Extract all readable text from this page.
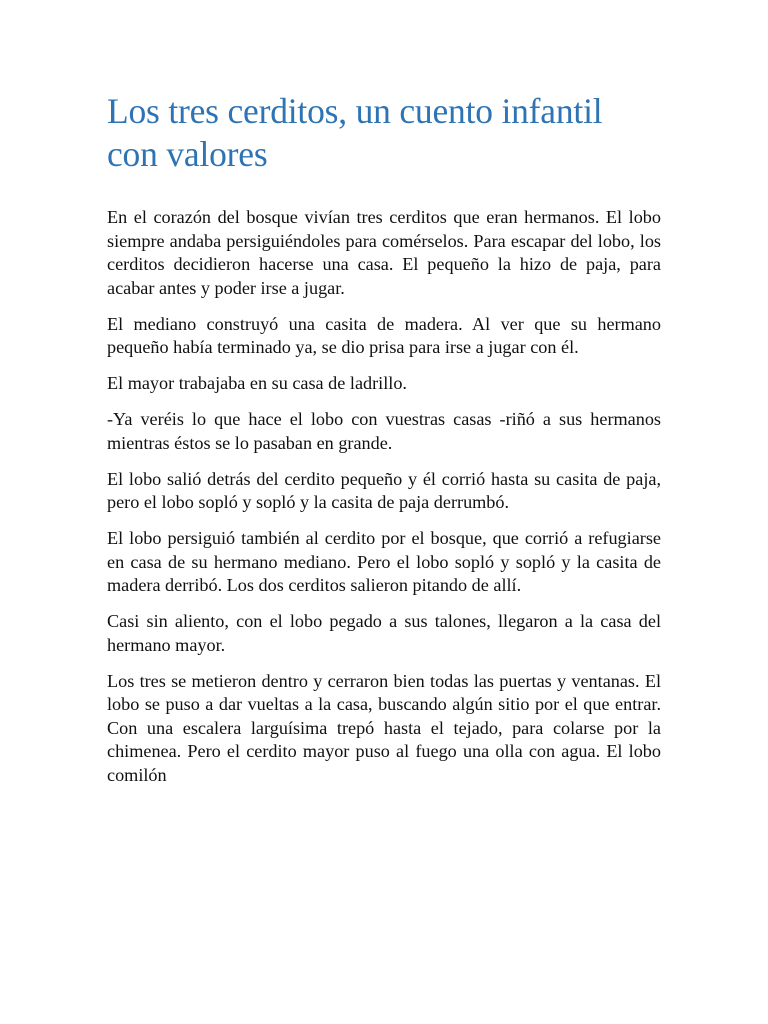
Los tres cerditos, un cuento infantil con valores

En el corazón del bosque vivían tres cerditos que eran hermanos. El lobo siempre andaba persiguiéndoles para comérselos. Para escapar del lobo, los cerditos decidieron hacerse una casa. El pequeño la hizo de paja, para acabar antes y poder irse a jugar.

El mediano construyó una casita de madera. Al ver que su hermano pequeño había terminado ya, se dio prisa para irse a jugar con él.

El mayor trabajaba en su casa de ladrillo.

-Ya veréis lo que hace el lobo con vuestras casas -riñó a sus hermanos mientras éstos se lo pasaban en grande.

El lobo salió detrás del cerdito pequeño y él corrió hasta su casita de paja, pero el lobo sopló y sopló y la casita de paja derrumbó.

El lobo persiguió también al cerdito por el bosque, que corrió a refugiarse en casa de su hermano mediano. Pero el lobo sopló y sopló y la casita de madera derribó. Los dos cerditos salieron pitando de allí.

Casi sin aliento, con el lobo pegado a sus talones, llegaron a la casa del hermano mayor.

Los tres se metieron dentro y cerraron bien todas las puertas y ventanas. El lobo se puso a dar vueltas a la casa, buscando algún sitio por el que entrar. Con una escalera larguísima trepó hasta el tejado, para colarse por la chimenea. Pero el cerdito mayor puso al fuego una olla con agua. El lobo comilón
